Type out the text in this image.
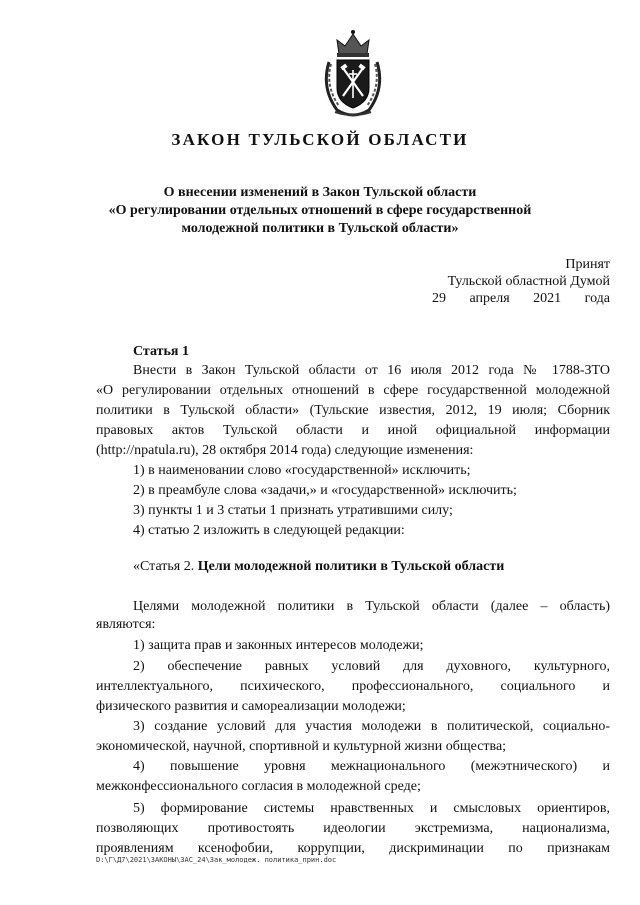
ЗАКОН ТУЛЬСКОЙ ОБЛАСТИ
О внесении изменений в Закон Тульской области
«О регулировании отдельных отношений в сфере государственной
молодежной политики в Тульской области»
Принят
Тульской областной Думой
29 апреля 2021 года
Статья 1
Внести в Закон Тульской области от 16 июля 2012 года № 1788-ЗТО
«О регулировании отдельных отношений в сфере государственной молодежной
политики в Тульской области» (Тульские известия, 2012, 19 июля; Сборник
правовых актов Тульской области и иной официальной информации
(http://npatula.ru), 28 октября 2014 года) следующие изменения:
1) в наименовании слово «государственной» исключить;
2) в преамбуле слова «задачи,» и «государственной» исключить;
3) пункты 1 и 3 статьи 1 признать утратившими силу;
4) статью 2 изложить в следующей редакции:
«Статья 2. Цели молодежной политики в Тульской области
Целями молодежной политики в Тульской области (далее – область)
являются:
1) защита прав и законных интересов молодежи;
2) обеспечение равных условий для духовного, культурного,
интеллектуального, психического, профессионального, социального и
физического развития и самореализации молодежи;
3) создание условий для участия молодежи в политической, социально-
экономической, научной, спортивной и культурной жизни общества;
4) повышение уровня межнационального (межэтнического) и
межконфессионального согласия в молодежной среде;
5) формирование системы нравственных и смысловых ориентиров,
позволяющих противостоять идеологии экстремизма, национализма,
проявлениям ксенофобии, коррупции, дискриминации по признакам
D:\Г\Д7\2021\ЗАКОНЫ\ЗАС_24\Зак_молодеж. политика_прин.doc
